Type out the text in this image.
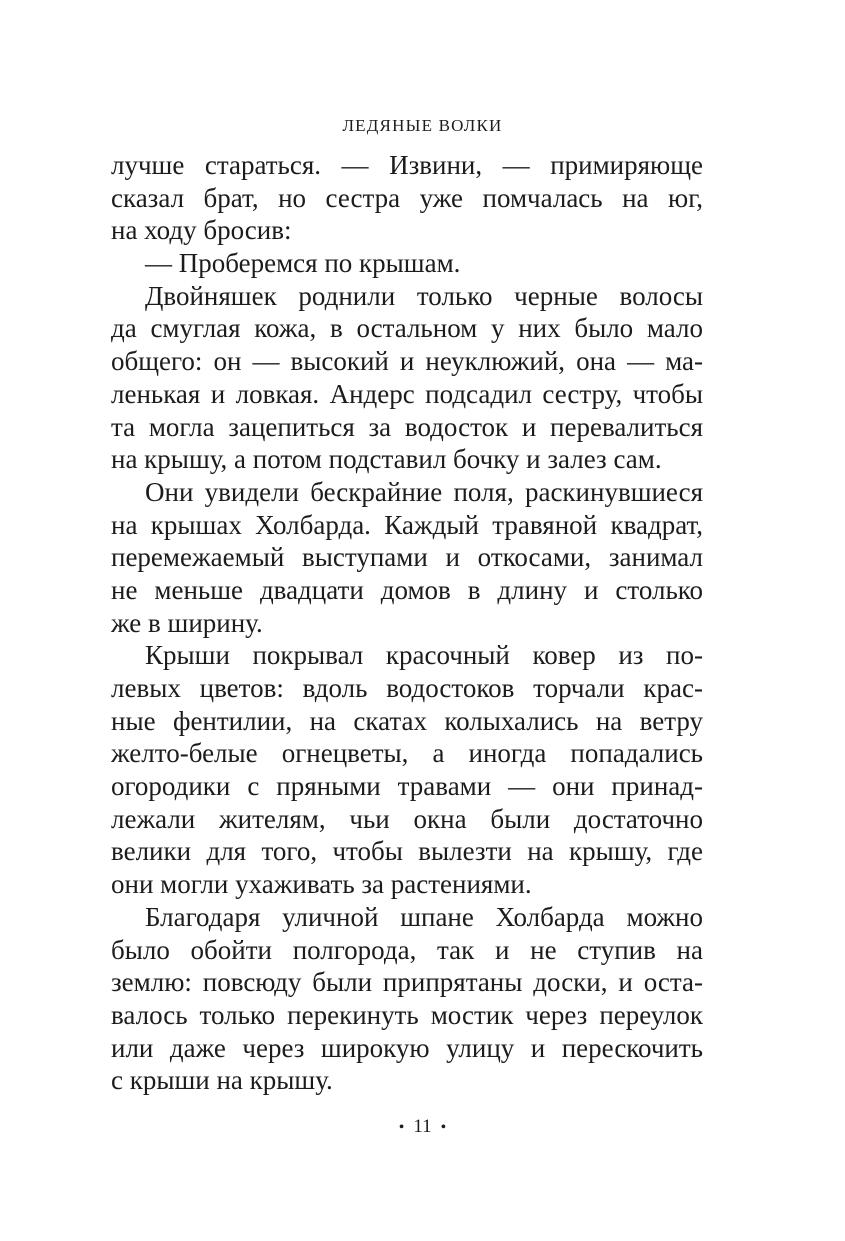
ЛЕДЯНЫЕ ВОЛКИ
лучше стараться. — Извини, — примиряюще
сказал брат, но сестра уже помчалась на юг,
на ходу бросив:
— Проберемся по крышам.
Двойняшек роднили только черные волосы
да смуглая кожа, в остальном у них было мало
общего: он — высокий и неуклюжий, она — ма-
ленькая и ловкая. Андерс подсадил сестру, чтобы
та могла зацепиться за водосток и перевалиться
на крышу, а потом подставил бочку и залез сам.
Они увидели бескрайние поля, раскинувшиеся
на крышах Холбарда. Каждый травяной квадрат,
перемежаемый выступами и откосами, занимал
не меньше двадцати домов в длину и столько
же в ширину.
Крыши покрывал красочный ковер из по-
левых цветов: вдоль водостоков торчали крас-
ные фентилии, на скатах колыхались на ветру
желто-белые огнецветы, а иногда попадались
огородики с пряными травами — они принад-
лежали жителям, чьи окна были достаточно
велики для того, чтобы вылезти на крышу, где
они могли ухаживать за растениями.
Благодаря уличной шпане Холбарда можно
было обойти полгорода, так и не ступив на
землю: повсюду были припрятаны доски, и оста-
валось только перекинуть мостик через переулок
или даже через широкую улицу и перескочить
с крыши на крышу.
• 11 •
